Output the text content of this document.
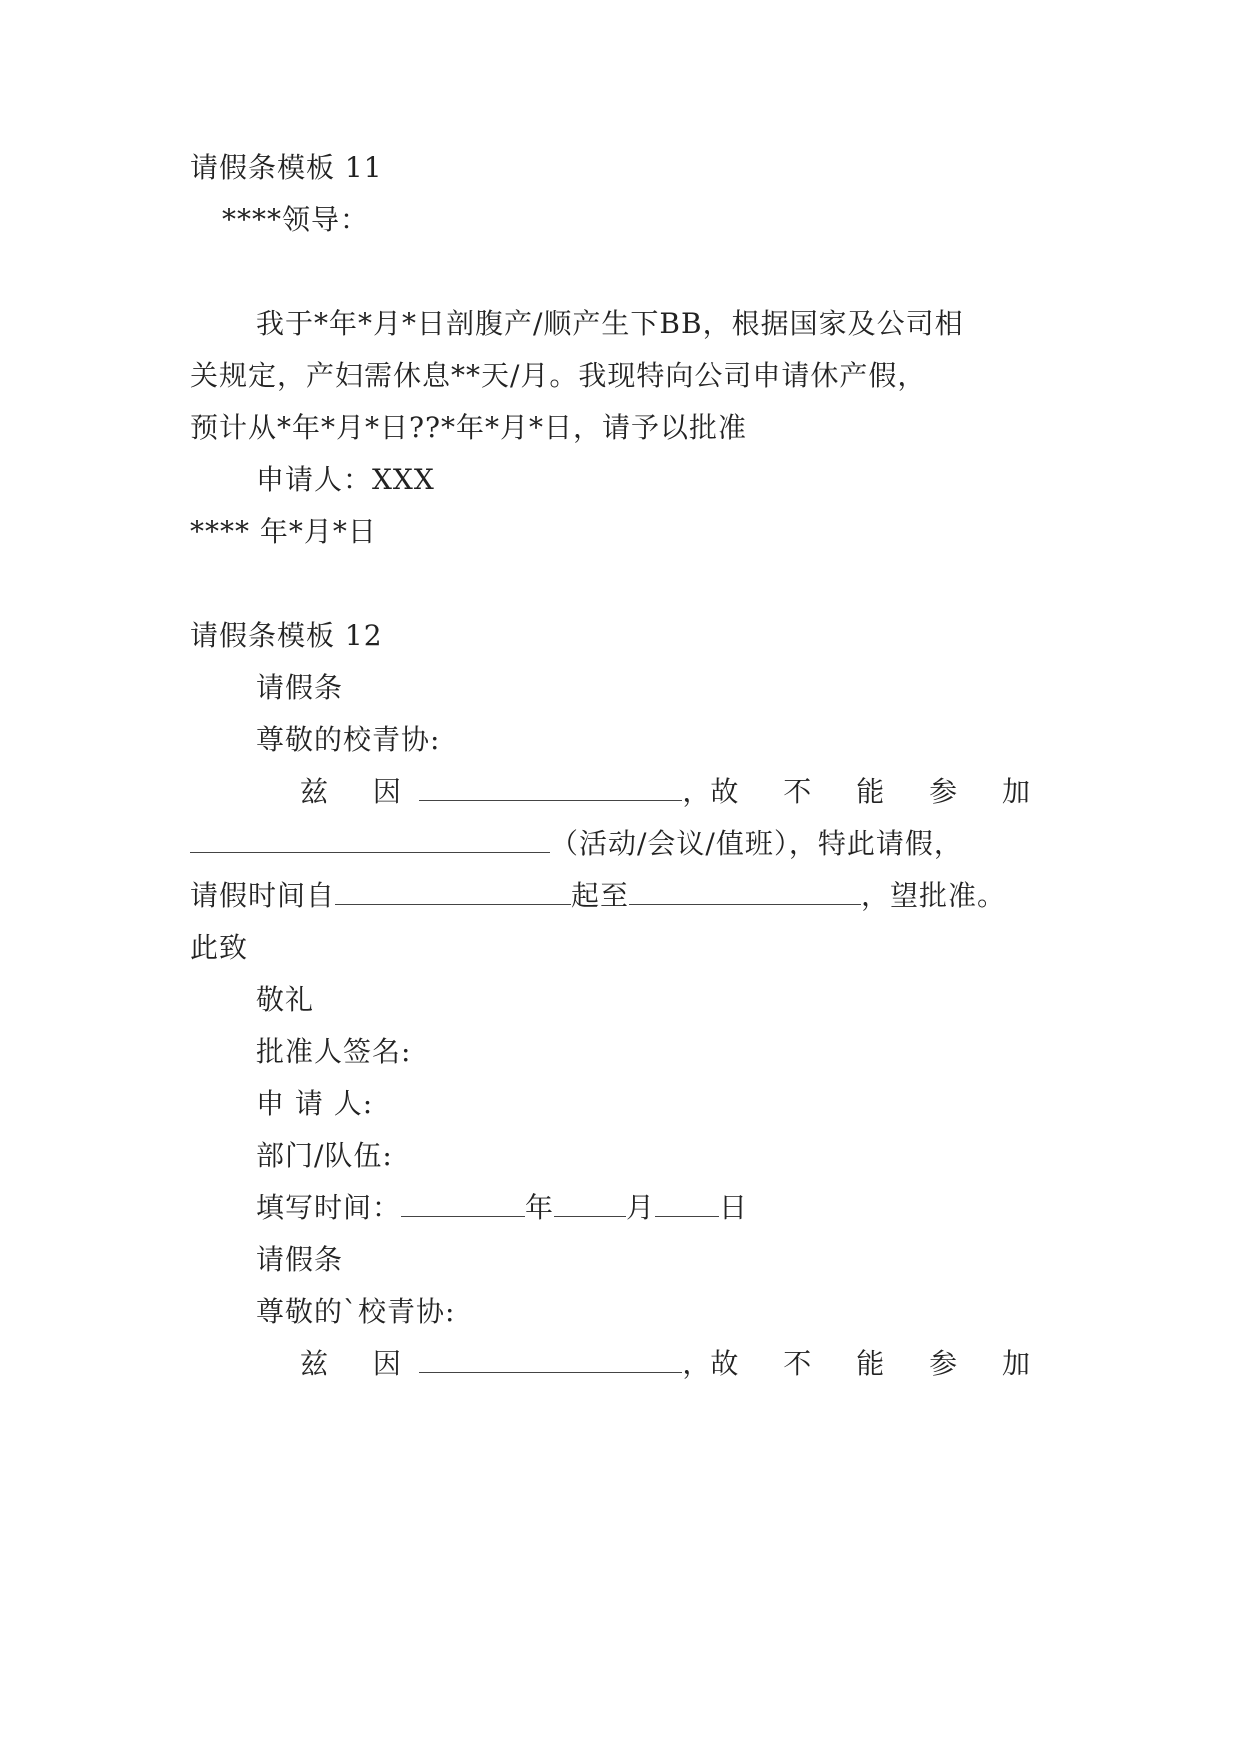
请假条模板 11
****领导：
我于*年*月*日剖腹产/顺产生下BB，根据国家及公司相
关规定，产妇需休息**天/月。我现特向公司申请休产假，
预计从*年*月*日??*年*月*日，请予以批准
申请人：XXX
**** 年*月*日
请假条模板 12
请假条
尊敬的校青协:
兹 因	， 故 不 能 参 加
（活动/会议/值班），特此请假，
请假时间自	起至	，望批准。
此致
敬礼
批准人签名:
申 请 人:
部门/队伍:
填写时间：	年	月 日
请假条
尊敬的`校青协:
兹 因	， 故 不 能 参 加
